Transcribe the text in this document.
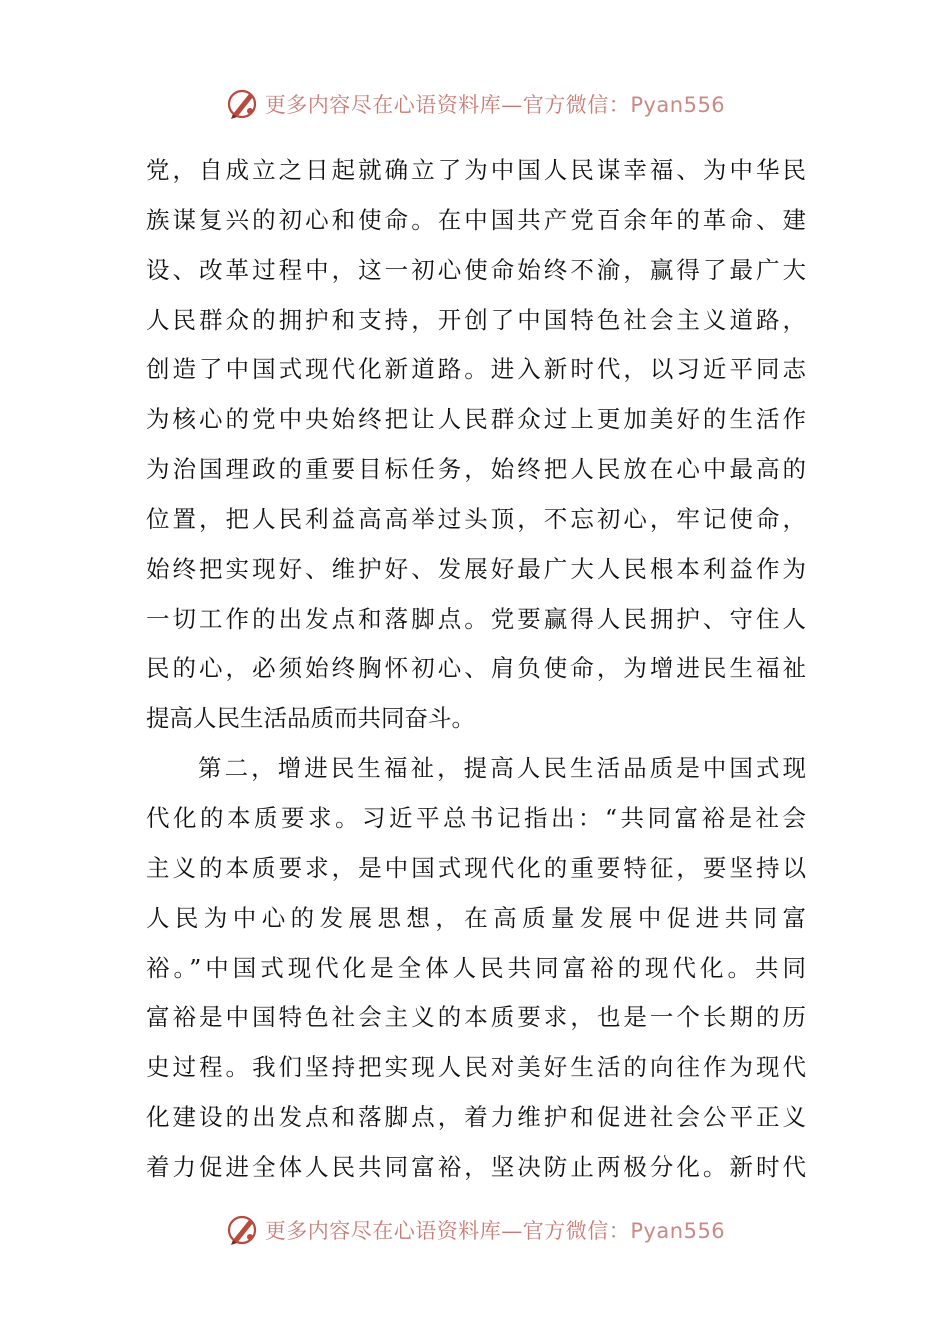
更多内容尽在心语资料库—官方微信：Pyan556
党，自成立之日起就确立了为中国人民谋幸福、为中华民
族谋复兴的初心和使命。在中国共产党百余年的革命、建
设、改革过程中，这一初心使命始终不渝，赢得了最广大
人民群众的拥护和支持，开创了中国特色社会主义道路，
创造了中国式现代化新道路。进入新时代，以习近平同志
为核心的党中央始终把让人民群众过上更加美好的生活作
为治国理政的重要目标任务，始终把人民放在心中最高的
位置，把人民利益高高举过头顶，不忘初心，牢记使命，
始终把实现好、维护好、发展好最广大人民根本利益作为
一切工作的出发点和落脚点。党要赢得人民拥护、守住人
民的心，必须始终胸怀初心、肩负使命，为增进民生福祉
提高人民生活品质而共同奋斗。
第二，增进民生福祉，提高人民生活品质是中国式现
代化的本质要求。习近平总书记指出：“共同富裕是社会
主义的本质要求，是中国式现代化的重要特征，要坚持以
人民为中心的发展思想，在高质量发展中促进共同富
裕。”中国式现代化是全体人民共同富裕的现代化。共同
富裕是中国特色社会主义的本质要求，也是一个长期的历
史过程。我们坚持把实现人民对美好生活的向往作为现代
化建设的出发点和落脚点，着力维护和促进社会公平正义
着力促进全体人民共同富裕，坚决防止两极分化。新时代
更多内容尽在心语资料库—官方微信：Pyan556
